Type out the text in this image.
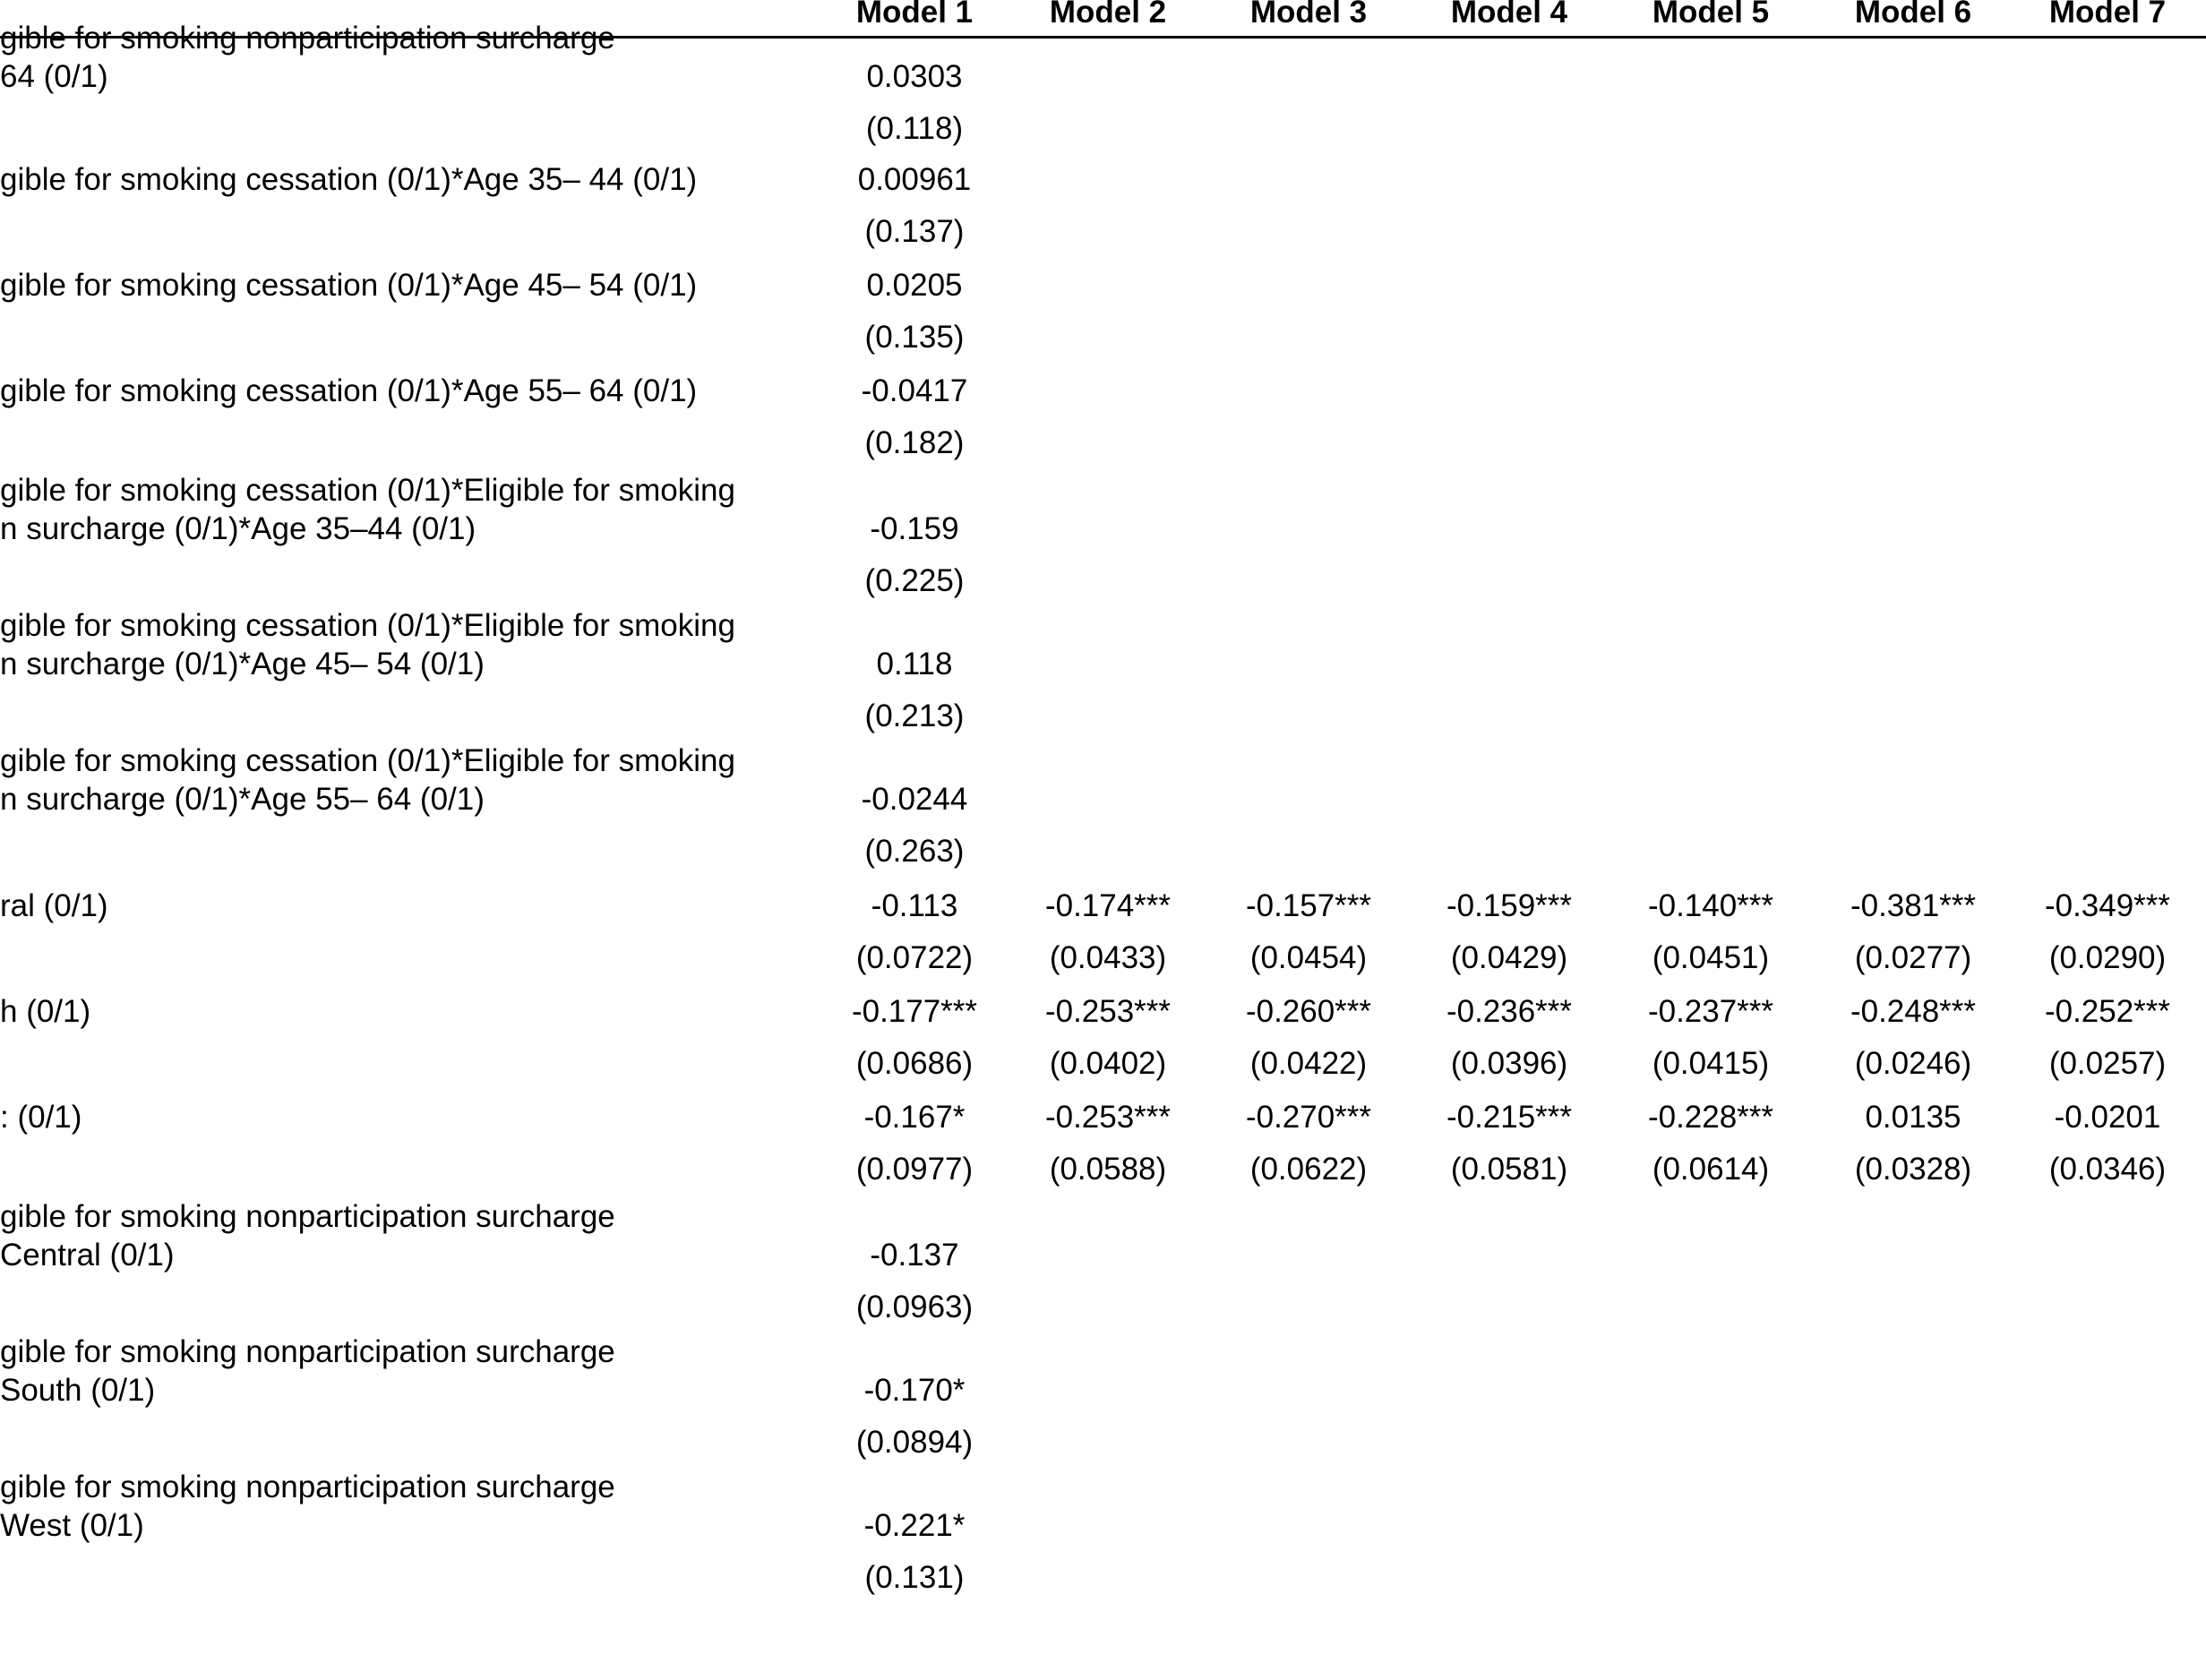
Model 1 Model 2	Model 3	Model 4	Model 5	Model 6 Model 7
gible for smoking nonparticipation surcharge
64 (0/1)	0.0303
(0.118)
gible for smoking cessation (0/1)*Age 35– 44 (0/1)	0.00961
(0.137)
gible for smoking cessation (0/1)*Age 45– 54 (0/1)	0.0205
(0.135)
gible for smoking cessation (0/1)*Age 55– 64 (0/1)	-0.0417
(0.182)
gible for smoking cessation (0/1)*Eligible for smoking
n surcharge (0/1)*Age 35–44 (0/1)	-0.159
(0.225)
gible for smoking cessation (0/1)*Eligible for smoking
n surcharge (0/1)*Age 45– 54 (0/1)	0.118
(0.213)
gible for smoking cessation (0/1)*Eligible for smoking
n surcharge (0/1)*Age 55– 64 (0/1)	-0.0244
(0.263)
ral (0/1)	-0.113	-0.174*** -0.157*** -0.159*** -0.140*** -0.381*** -0.349***
(0.0722) (0.0433)	(0.0454)	(0.0429)	(0.0451)	(0.0277) (0.0290)
h (0/1)	-0.177*** -0.253*** -0.260*** -0.236*** -0.237*** -0.248*** -0.252***
(0.0686) (0.0402)	(0.0422)	(0.0396)	(0.0415)	(0.0246) (0.0257)
: (0/1)	-0.167*	-0.253*** -0.270*** -0.215*** -0.228***	0.0135	-0.0201
(0.0977) (0.0588)	(0.0622)	(0.0581)	(0.0614)	(0.0328) (0.0346)
gible for smoking nonparticipation surcharge
Central (0/1)	-0.137
(0.0963)
gible for smoking nonparticipation surcharge
South (0/1)	-0.170*
(0.0894)
gible for smoking nonparticipation surcharge
West (0/1)	-0.221*
(0.131)
